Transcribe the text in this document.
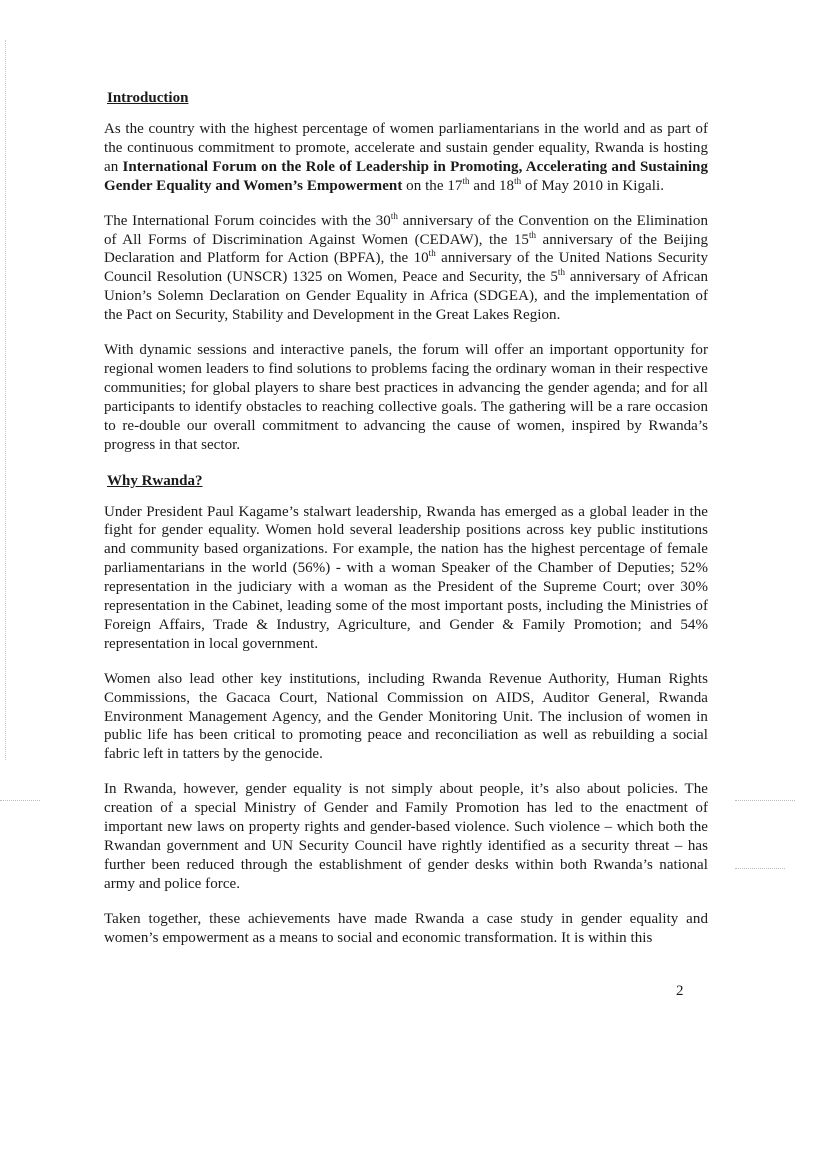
Introduction

As the country with the highest percentage of women parliamentarians in the world and as part of the continuous commitment to promote, accelerate and sustain gender equality, Rwanda is hosting an International Forum on the Role of Leadership in Promoting, Accelerating and Sustaining Gender Equality and Women’s Empowerment on the 17th and 18th of May 2010 in Kigali.

The International Forum coincides with the 30th anniversary of the Convention on the Elimination of All Forms of Discrimination Against Women (CEDAW), the 15th anniversary of the Beijing Declaration and Platform for Action (BPFA), the 10th anniversary of the United Nations Security Council Resolution (UNSCR) 1325 on Women, Peace and Security, the 5th anniversary of African Union’s Solemn Declaration on Gender Equality in Africa (SDGEA), and the implementation of the Pact on Security, Stability and Development in the Great Lakes Region.

With dynamic sessions and interactive panels, the forum will offer an important opportunity for regional women leaders to find solutions to problems facing the ordinary woman in their respective communities; for global players to share best practices in advancing the gender agenda; and for all participants to identify obstacles to reaching collective goals. The gathering will be a rare occasion to re-double our overall commitment to advancing the cause of women, inspired by Rwanda’s progress in that sector.

Why Rwanda?

Under President Paul Kagame’s stalwart leadership, Rwanda has emerged as a global leader in the fight for gender equality. Women hold several leadership positions across key public institutions and community based organizations. For example, the nation has the highest percentage of female parliamentarians in the world (56%) - with a woman Speaker of the Chamber of Deputies; 52% representation in the judiciary with a woman as the President of the Supreme Court; over 30% representation in the Cabinet, leading some of the most important posts, including the Ministries of Foreign Affairs, Trade & Industry, Agriculture, and Gender & Family Promotion; and 54% representation in local government.

Women also lead other key institutions, including Rwanda Revenue Authority, Human Rights Commissions, the Gacaca Court, National Commission on AIDS, Auditor General, Rwanda Environment Management Agency, and the Gender Monitoring Unit. The inclusion of women in public life has been critical to promoting peace and reconciliation as well as rebuilding a social fabric left in tatters by the genocide.

In Rwanda, however, gender equality is not simply about people, it’s also about policies. The creation of a special Ministry of Gender and Family Promotion has led to the enactment of important new laws on property rights and gender-based violence. Such violence – which both the Rwandan government and UN Security Council have rightly identified as a security threat – has further been reduced through the establishment of gender desks within both Rwanda’s national army and police force.

Taken together, these achievements have made Rwanda a case study in gender equality and women’s empowerment as a means to social and economic transformation. It is within this

2
